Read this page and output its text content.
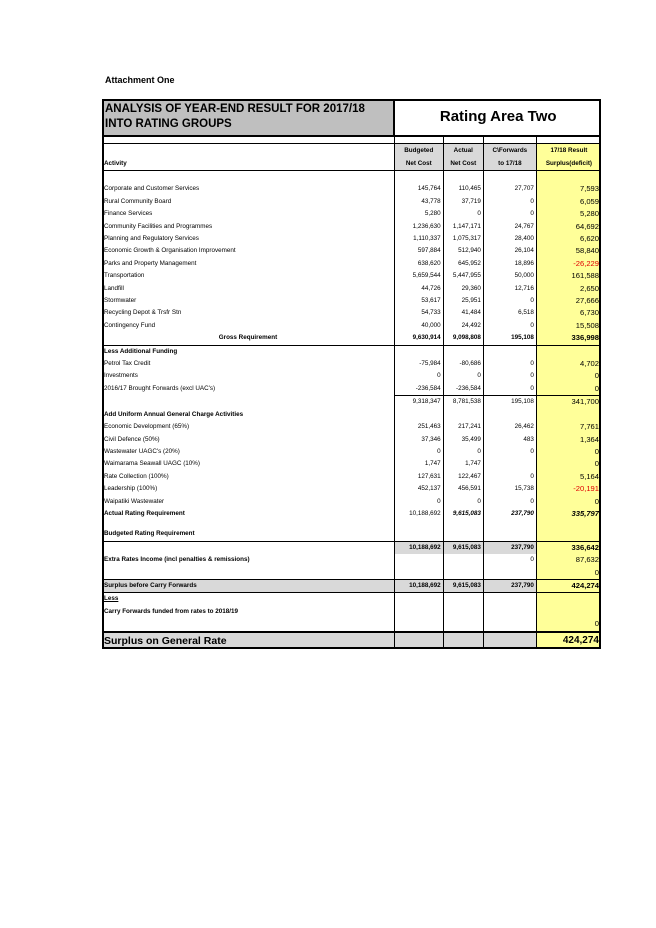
Attachment One
ANALYSIS OF YEAR-END RESULT FOR 2017/18 INTO RATING GROUPS	Rating Area Two			

	Budgeted	Actual	C\Forwards	17/18 Result
Activity	Net Cost	Net Cost	to 17/18	Surplus(deficit)

Corporate and Customer Services	145,764	110,465	27,707	7,593
Rural Community Board	43,778	37,719	0	6,059
Finance Services	5,280	0	0	5,280
Community Facilities and Programmes	1,236,630	1,147,171	24,767	64,692
Planning and Regulatory Services	1,110,337	1,075,317	28,400	6,620
Economic Growth & Organisation Improvement	597,884	512,940	26,104	58,840
Parks and Property Management	638,620	645,952	18,896	-26,229
Transportation	5,659,544	5,447,955	50,000	161,588
Landfill	44,726	29,360	12,716	2,650
Stormwater	53,617	25,951	0	27,666
Recycling Depot & Trsfr Stn	54,733	41,484	6,518	6,730
Contingency Fund	40,000	24,492	0	15,508
Gross Requirement	9,630,914	9,098,808	195,108	336,998
Less Additional Funding				
Petrol Tax Credit	-75,984	-80,686	0	4,702
Investments	0	0	0	0
2016/17 Brought Forwards (excl UAC's)	-236,584	-236,584	0	0
	9,318,347	8,781,538	195,108	341,700
Add Uniform Annual General Charge Activities				
Economic Development (65%)	251,463	217,241	26,462	7,761
Civil Defence (50%)	37,346	35,499	483	1,364
Wastewater UAGC's (20%)	0	0	0	0
Waimarama Seawall UAGC (10%)	1,747	1,747		0
Rate Collection (100%)	127,631	122,467	0	5,164
Leadership (100%)	452,137	456,591	15,738	-20,191
Waipatiki Wastewater	0	0	0	0
Actual Rating Requirement	10,188,692	9,615,083	237,790	335,797

Budgeted Rating Requirement				
	10,188,692	9,615,083	237,790	336,642
Extra Rates Income (incl penalties & remissions)			0	87,632
				0
Surplus before Carry Forwards	10,188,692	9,615,083	237,790	424,274
Less				
Carry Forwards funded from rates to 2018/19				
				0
Surplus on General Rate				424,274
